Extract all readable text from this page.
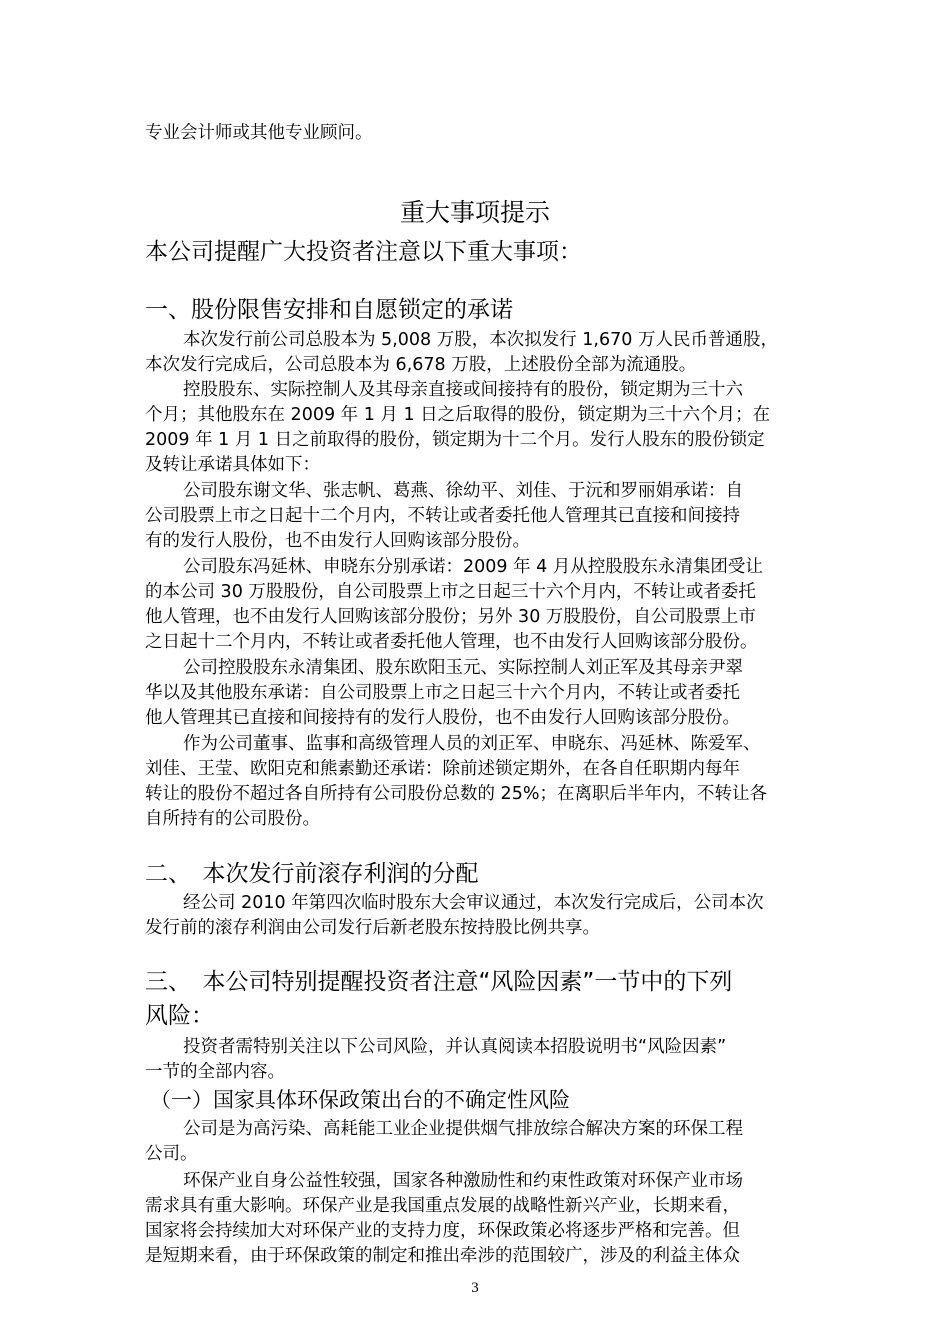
专业会计师或其他专业顾问。
重大事项提示
本公司提醒广大投资者注意以下重大事项：
一、股份限售安排和自愿锁定的承诺
本次发行前公司总股本为 5,008 万股，本次拟发行 1,670 万人民币普通股，
本次发行完成后，公司总股本为 6,678 万股，上述股份全部为流通股。
控股股东、实际控制人及其母亲直接或间接持有的股份，锁定期为三十六
个月；其他股东在 2009 年 1 月 1 日之后取得的股份，锁定期为三十六个月；在
2009 年 1 月 1 日之前取得的股份，锁定期为十二个月。发行人股东的股份锁定
及转让承诺具体如下：
公司股东谢文华、张志帆、葛燕、徐幼平、刘佳、于沅和罗丽娟承诺：自
公司股票上市之日起十二个月内，不转让或者委托他人管理其已直接和间接持
有的发行人股份，也不由发行人回购该部分股份。
公司股东冯延林、申晓东分别承诺：2009 年 4 月从控股股东永清集团受让
的本公司 30 万股股份，自公司股票上市之日起三十六个月内，不转让或者委托
他人管理，也不由发行人回购该部分股份；另外 30 万股股份，自公司股票上市
之日起十二个月内，不转让或者委托他人管理，也不由发行人回购该部分股份。
公司控股股东永清集团、股东欧阳玉元、实际控制人刘正军及其母亲尹翠
华以及其他股东承诺：自公司股票上市之日起三十六个月内，不转让或者委托
他人管理其已直接和间接持有的发行人股份，也不由发行人回购该部分股份。
作为公司董事、监事和高级管理人员的刘正军、申晓东、冯延林、陈爱军、
刘佳、王莹、欧阳克和熊素勤还承诺：除前述锁定期外，在各自任职期内每年
转让的股份不超过各自所持有公司股份总数的 25%；在离职后半年内，不转让各
自所持有的公司股份。
二、　本次发行前滚存利润的分配
经公司 2010 年第四次临时股东大会审议通过，本次发行完成后，公司本次
发行前的滚存利润由公司发行后新老股东按持股比例共享。
三、　本公司特别提醒投资者注意“风险因素”一节中的下列
风险：
投资者需特别关注以下公司风险，并认真阅读本招股说明书“风险因素”
一节的全部内容。
（一）国家具体环保政策出台的不确定性风险
公司是为高污染、高耗能工业企业提供烟气排放综合解决方案的环保工程
公司。
环保产业自身公益性较强，国家各种激励性和约束性政策对环保产业市场
需求具有重大影响。环保产业是我国重点发展的战略性新兴产业，长期来看，
国家将会持续加大对环保产业的支持力度，环保政策必将逐步严格和完善。但
是短期来看，由于环保政策的制定和推出牵涉的范围较广，涉及的利益主体众
3
